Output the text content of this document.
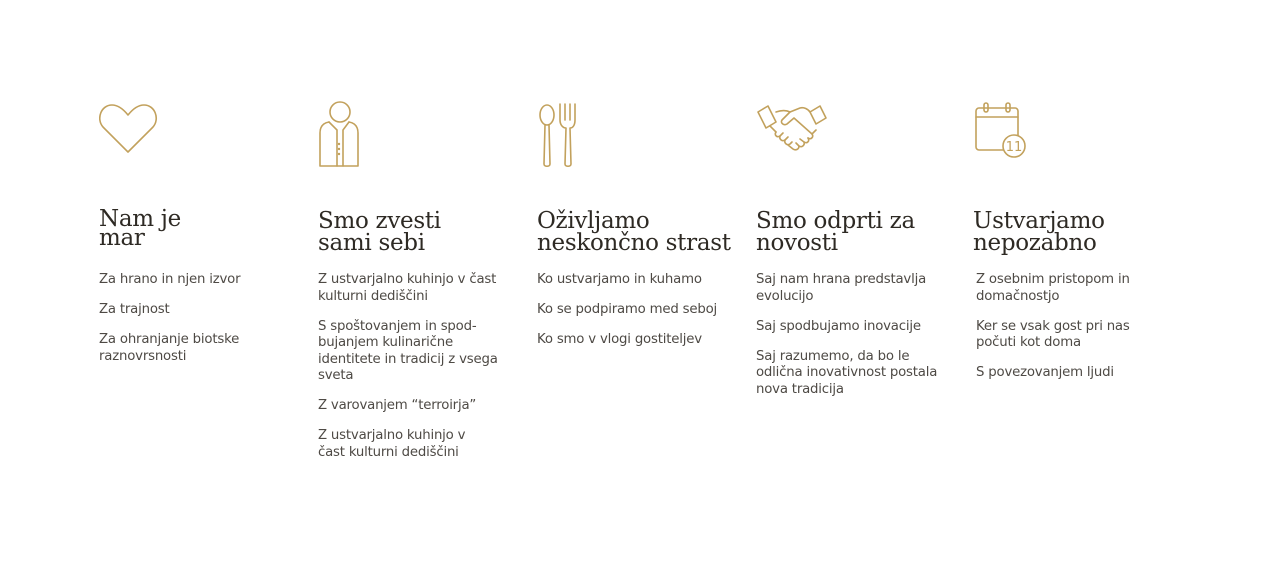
Nam je
mar
Za hrano in njen izvor
Za trajnost
Za ohranjanje biotske raznovrsnosti
Smo zvesti
sami sebi
Z ustvarjalno kuhinjo v čast kulturni dediščini
S spoštovanjem in spod-bujanjem kulinarične identitete in tradicij z vsega sveta
Z varovanjem “terroirja”
Z ustvarjalno kuhinjo v čast kulturni dediščini
Oživljamo
neskončno strast
Ko ustvarjamo in kuhamo
Ko se podpiramo med seboj
Ko smo v vlogi gostiteljev
Smo odprti za
novosti
Saj nam hrana predstavlja evolucijo
Saj spodbujamo inovacije
Saj razumemo, da bo le odlična inovativnost postala nova tradicija
11
Ustvarjamo
nepozabno
Z osebnim pristopom in domačnostjo
Ker se vsak gost pri nas počuti kot doma
S povezovanjem ljudi
